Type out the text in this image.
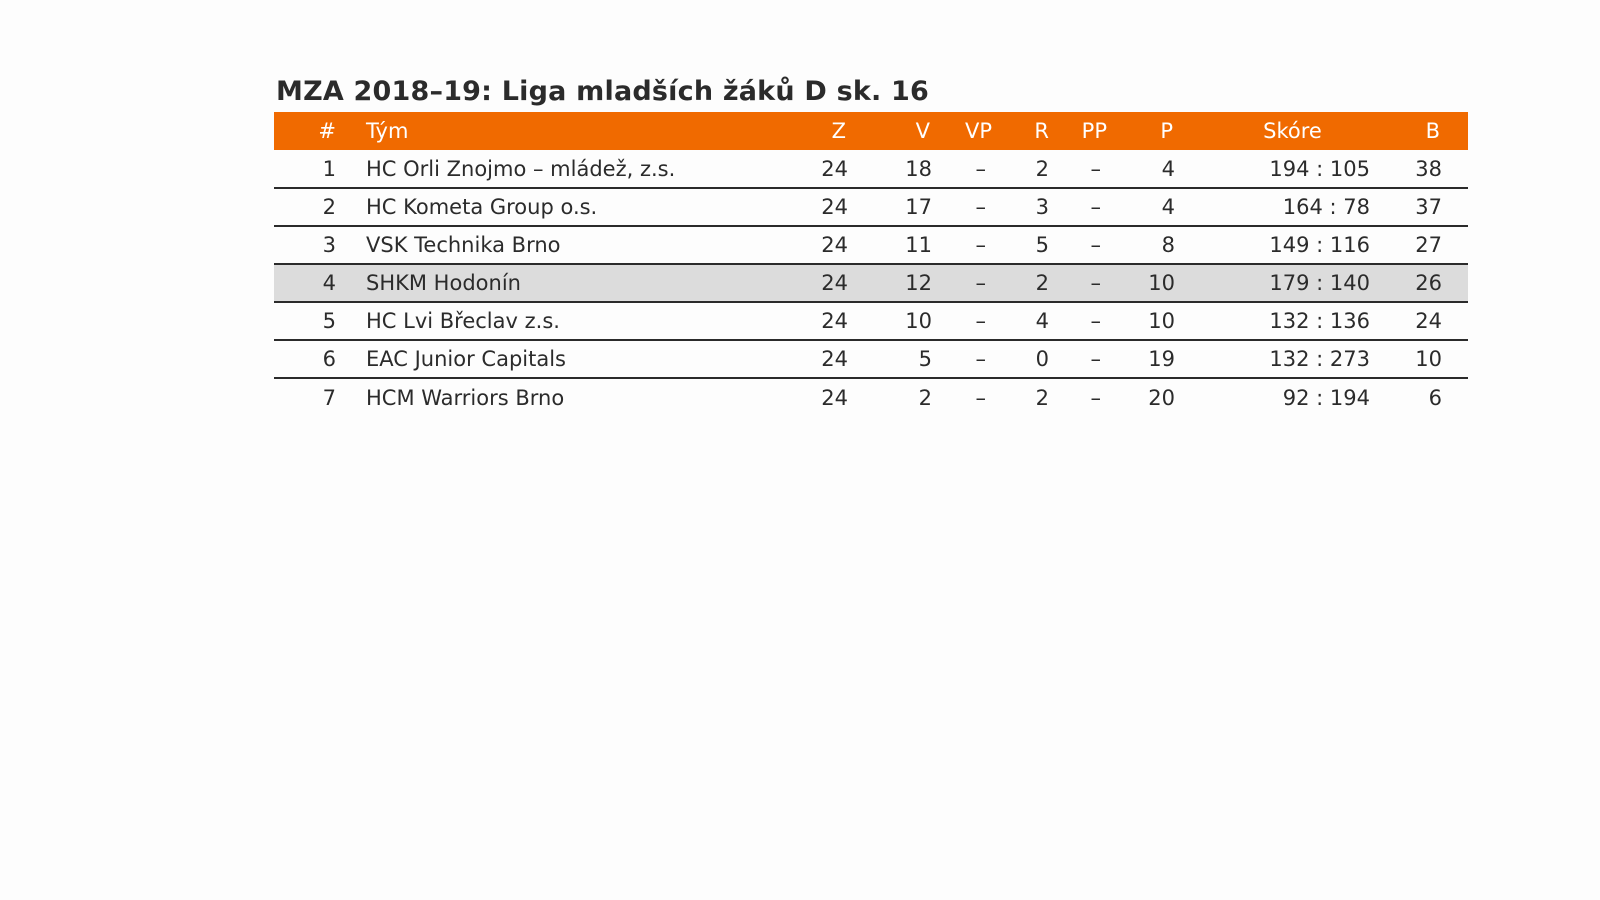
MZA 2018–19: Liga mladších žáků D sk. 16
#		Tým	Z	V	VP	R	PP	P	Skóre	B	
1		HC Orli Znojmo – mládež, z.s.	24	18	–	2	–	4	194 : 105	38	
2		HC Kometa Group o.s.	24	17	–	3	–	4	164 : 78	37	
3		VSK Technika Brno	24	11	–	5	–	8	149 : 116	27	
4		SHKM Hodonín	24	12	–	2	–	10	179 : 140	26	
5		HC Lvi Břeclav z.s.	24	10	–	4	–	10	132 : 136	24	
6		EAC Junior Capitals	24	5	–	0	–	19	132 : 273	10	
7		HCM Warriors Brno	24	2	–	2	–	20	92 : 194	6	
